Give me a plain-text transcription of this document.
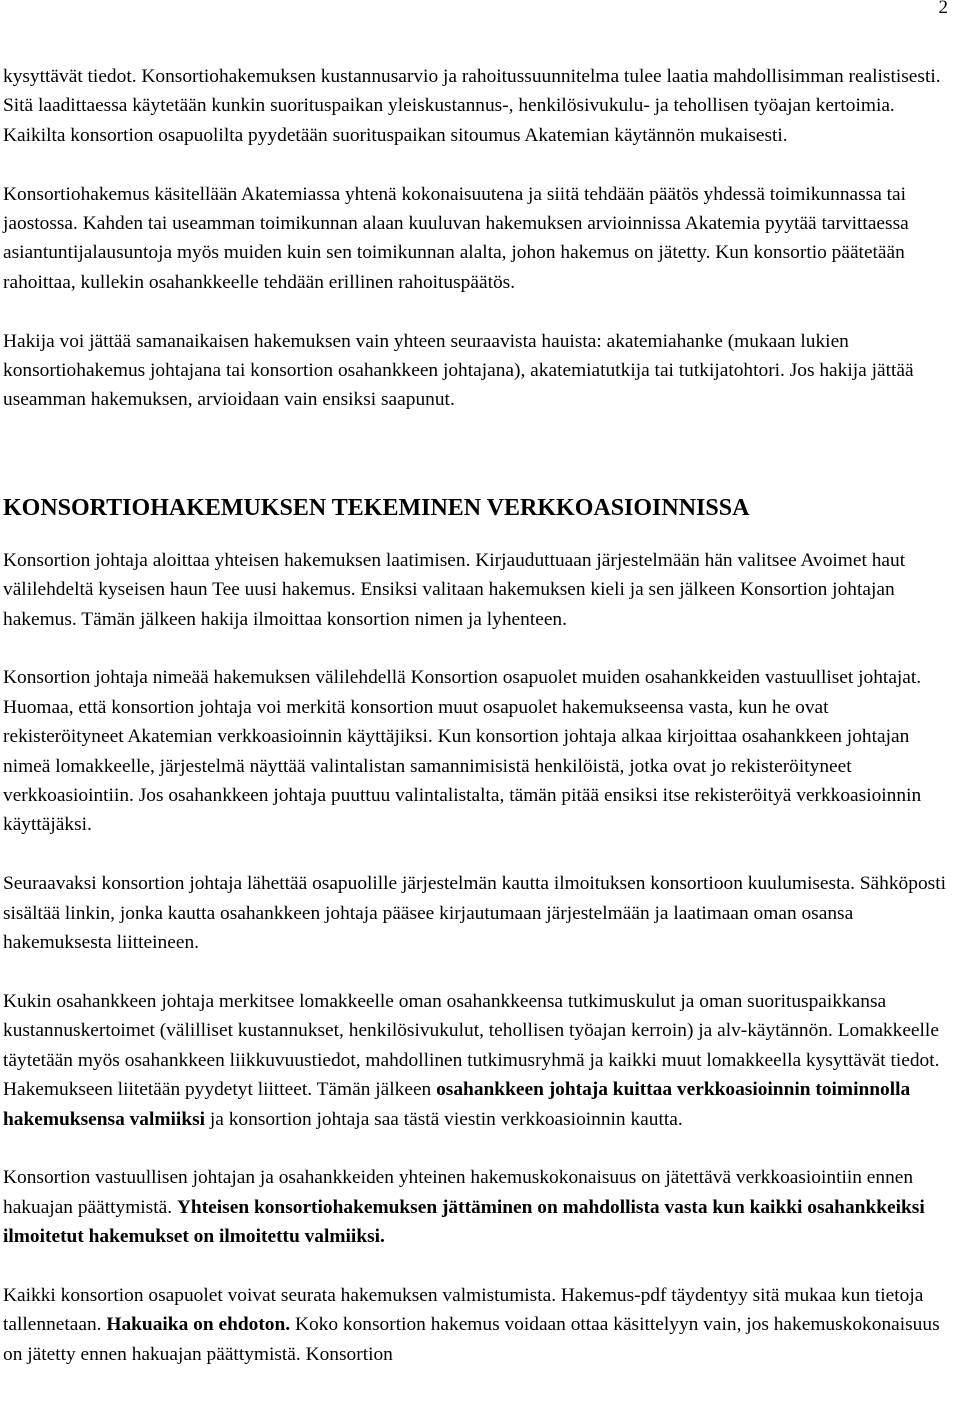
2

kysyttävät tiedot. Konsortiohakemuksen kustannusarvio ja rahoitussuunnitelma tulee laatia mahdollisimman realistisesti. Sitä laadittaessa käytetään kunkin suorituspaikan yleiskustannus-, henkilösivukulu- ja tehollisen työajan kertoimia. Kaikilta konsortion osapuolilta pyydetään suorituspaikan sitoumus Akatemian käytännön mukaisesti.

Konsortiohakemus käsitellään Akatemiassa yhtenä kokonaisuutena ja siitä tehdään päätös yhdessä toimikunnassa tai jaostossa. Kahden tai useamman toimikunnan alaan kuuluvan hakemuksen arvioinnissa Akatemia pyytää tarvittaessa asiantuntijalausuntoja myös muiden kuin sen toimikunnan alalta, johon hakemus on jätetty. Kun konsortio päätetään rahoittaa, kullekin osahankkeelle tehdään erillinen rahoituspäätös.

Hakija voi jättää samanaikaisen hakemuksen vain yhteen seuraavista hauista: akatemiahanke (mukaan lukien konsortiohakemus johtajana tai konsortion osahankkeen johtajana), akatemiatutkija tai tutkijatohtori. Jos hakija jättää useamman hakemuksen, arvioidaan vain ensiksi saapunut.

KONSORTIOHAKEMUKSEN TEKEMINEN VERKKOASIOINNISSA

Konsortion johtaja aloittaa yhteisen hakemuksen laatimisen. Kirjauduttuaan järjestelmään hän valitsee Avoimet haut välilehdeltä kyseisen haun Tee uusi hakemus. Ensiksi valitaan hakemuksen kieli ja sen jälkeen Konsortion johtajan hakemus. Tämän jälkeen hakija ilmoittaa konsortion nimen ja lyhenteen.

Konsortion johtaja nimeää hakemuksen välilehdellä Konsortion osapuolet muiden osahankkeiden vastuulliset johtajat. Huomaa, että konsortion johtaja voi merkitä konsortion muut osapuolet hakemukseensa vasta, kun he ovat rekisteröityneet Akatemian verkkoasioinnin käyttäjiksi. Kun konsortion johtaja alkaa kirjoittaa osahankkeen johtajan nimeä lomakkeelle, järjestelmä näyttää valintalistan samannimisistä henkilöistä, jotka ovat jo rekisteröityneet verkkoasiointiin. Jos osahankkeen johtaja puuttuu valintalistalta, tämän pitää ensiksi itse rekisteröityä verkkoasioinnin käyttäjäksi.

Seuraavaksi konsortion johtaja lähettää osapuolille järjestelmän kautta ilmoituksen konsortioon kuulumisesta. Sähköposti sisältää linkin, jonka kautta osahankkeen johtaja pääsee kirjautumaan järjestelmään ja laatimaan oman osansa hakemuksesta liitteineen.

Kukin osahankkeen johtaja merkitsee lomakkeelle oman osahankkeensa tutkimuskulut ja oman suorituspaikkansa kustannuskertoimet (välilliset kustannukset, henkilösivukulut, tehollisen työajan kerroin) ja alv-käytännön. Lomakkeelle täytetään myös osahankkeen liikkuvuustiedot, mahdollinen tutkimusryhmä ja kaikki muut lomakkeella kysyttävät tiedot. Hakemukseen liitetään pyydetyt liitteet. Tämän jälkeen osahankkeen johtaja kuittaa verkkoasioinnin toiminnolla hakemuksensa valmiiksi ja konsortion johtaja saa tästä viestin verkkoasioinnin kautta.

Konsortion vastuullisen johtajan ja osahankkeiden yhteinen hakemuskokonaisuus on jätettävä verkkoasiointiin ennen hakuajan päättymistä. Yhteisen konsortiohakemuksen jättäminen on mahdollista vasta kun kaikki osahankkeiksi ilmoitetut hakemukset on ilmoitettu valmiiksi.

Kaikki konsortion osapuolet voivat seurata hakemuksen valmistumista. Hakemus-pdf täydentyy sitä mukaa kun tietoja tallennetaan. Hakuaika on ehdoton. Koko konsortion hakemus voidaan ottaa käsittelyyn vain, jos hakemuskokonaisuus on jätetty ennen hakuajan päättymistä. Konsortion
